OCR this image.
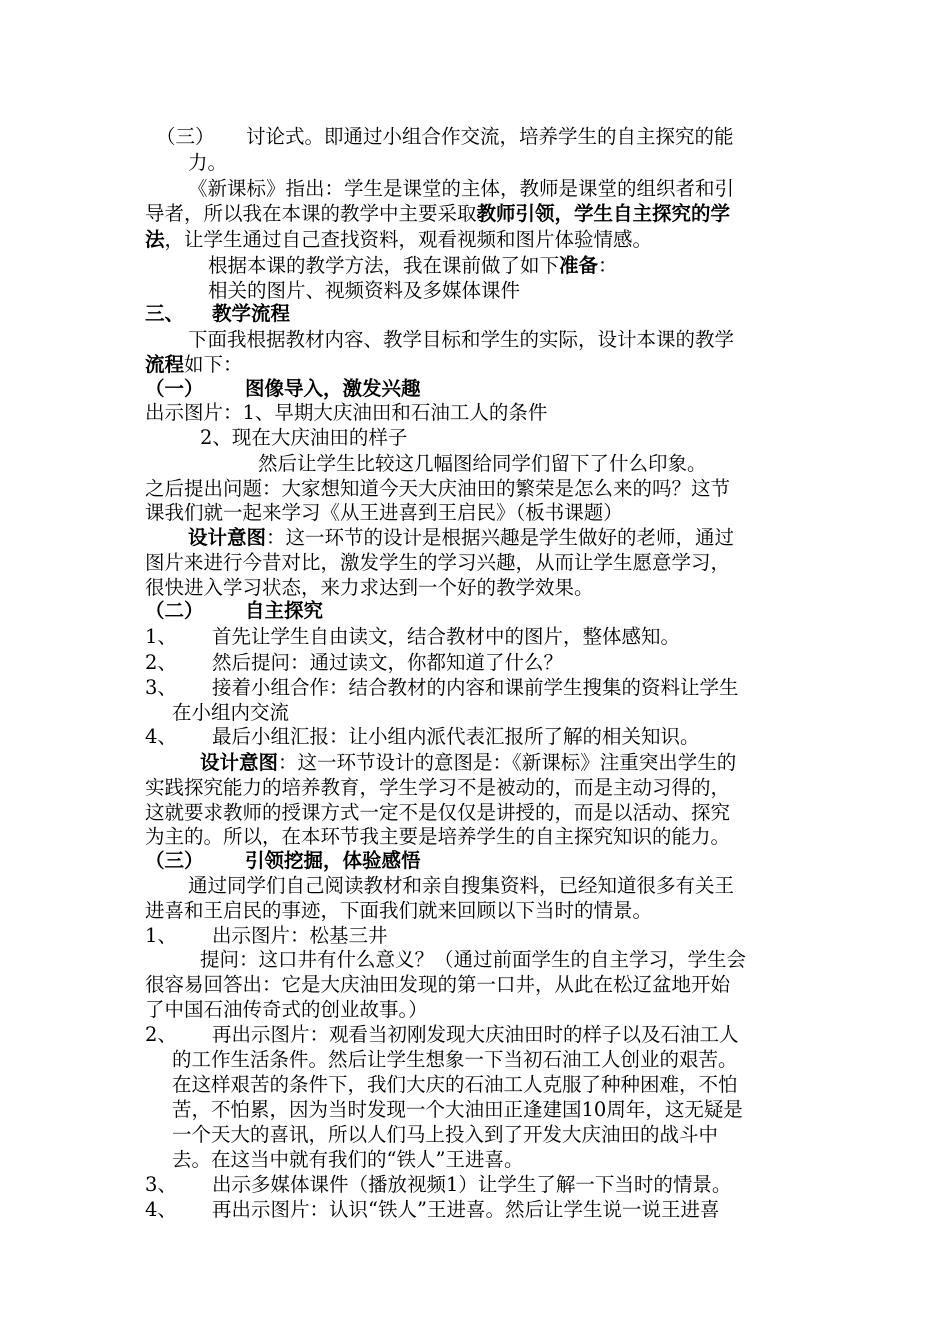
（三） 讨论式。即通过小组合作交流，培养学生的自主探究的能
力。
《新课标》指出：学生是课堂的主体，教师是课堂的组织者和引
导者，所以我在本课的教学中主要采取教师引领，学生自主探究的学
法，让学生通过自己查找资料，观看视频和图片体验情感。
根据本课的教学方法，我在课前做了如下准备：
相关的图片、视频资料及多媒体课件
三、 教学流程
下面我根据教材内容、教学目标和学生的实际，设计本课的教学
流程如下：
（一） 图像导入，激发兴趣
出示图片：1、早期大庆油田和石油工人的条件
2、现在大庆油田的样子
然后让学生比较这几幅图给同学们留下了什么印象。
之后提出问题：大家想知道今天大庆油田的繁荣是怎么来的吗？这节
课我们就一起来学习《从王进喜到王启民》（板书课题）
设计意图：这一环节的设计是根据兴趣是学生做好的老师，通过
图片来进行今昔对比，激发学生的学习兴趣，从而让学生愿意学习，
很快进入学习状态，来力求达到一个好的教学效果。
（二） 自主探究
1、 首先让学生自由读文，结合教材中的图片，整体感知。
2、 然后提问：通过读文，你都知道了什么？
3、 接着小组合作：结合教材的内容和课前学生搜集的资料让学生
在小组内交流
4、 最后小组汇报：让小组内派代表汇报所了解的相关知识。
设计意图：这一环节设计的意图是：《新课标》注重突出学生的
实践探究能力的培养教育，学生学习不是被动的，而是主动习得的，
这就要求教师的授课方式一定不是仅仅是讲授的，而是以活动、探究
为主的。所以，在本环节我主要是培养学生的自主探究知识的能力。
（三） 引领挖掘，体验感悟
通过同学们自己阅读教材和亲自搜集资料，已经知道很多有关王
进喜和王启民的事迹，下面我们就来回顾以下当时的情景。
1、 出示图片：松基三井
提问：这口井有什么意义？（通过前面学生的自主学习，学生会
很容易回答出：它是大庆油田发现的第一口井，从此在松辽盆地开始
了中国石油传奇式的创业故事。）
2、 再出示图片：观看当初刚发现大庆油田时的样子以及石油工人
的工作生活条件。然后让学生想象一下当初石油工人创业的艰苦。
在这样艰苦的条件下，我们大庆的石油工人克服了种种困难，不怕
苦，不怕累，因为当时发现一个大油田正逢建国10周年，这无疑是
一个天大的喜讯，所以人们马上投入到了开发大庆油田的战斗中
去。在这当中就有我们的“铁人”王进喜。
3、 出示多媒体课件（播放视频1）让学生了解一下当时的情景。
4、 再出示图片：认识“铁人”王进喜。然后让学生说一说王进喜
